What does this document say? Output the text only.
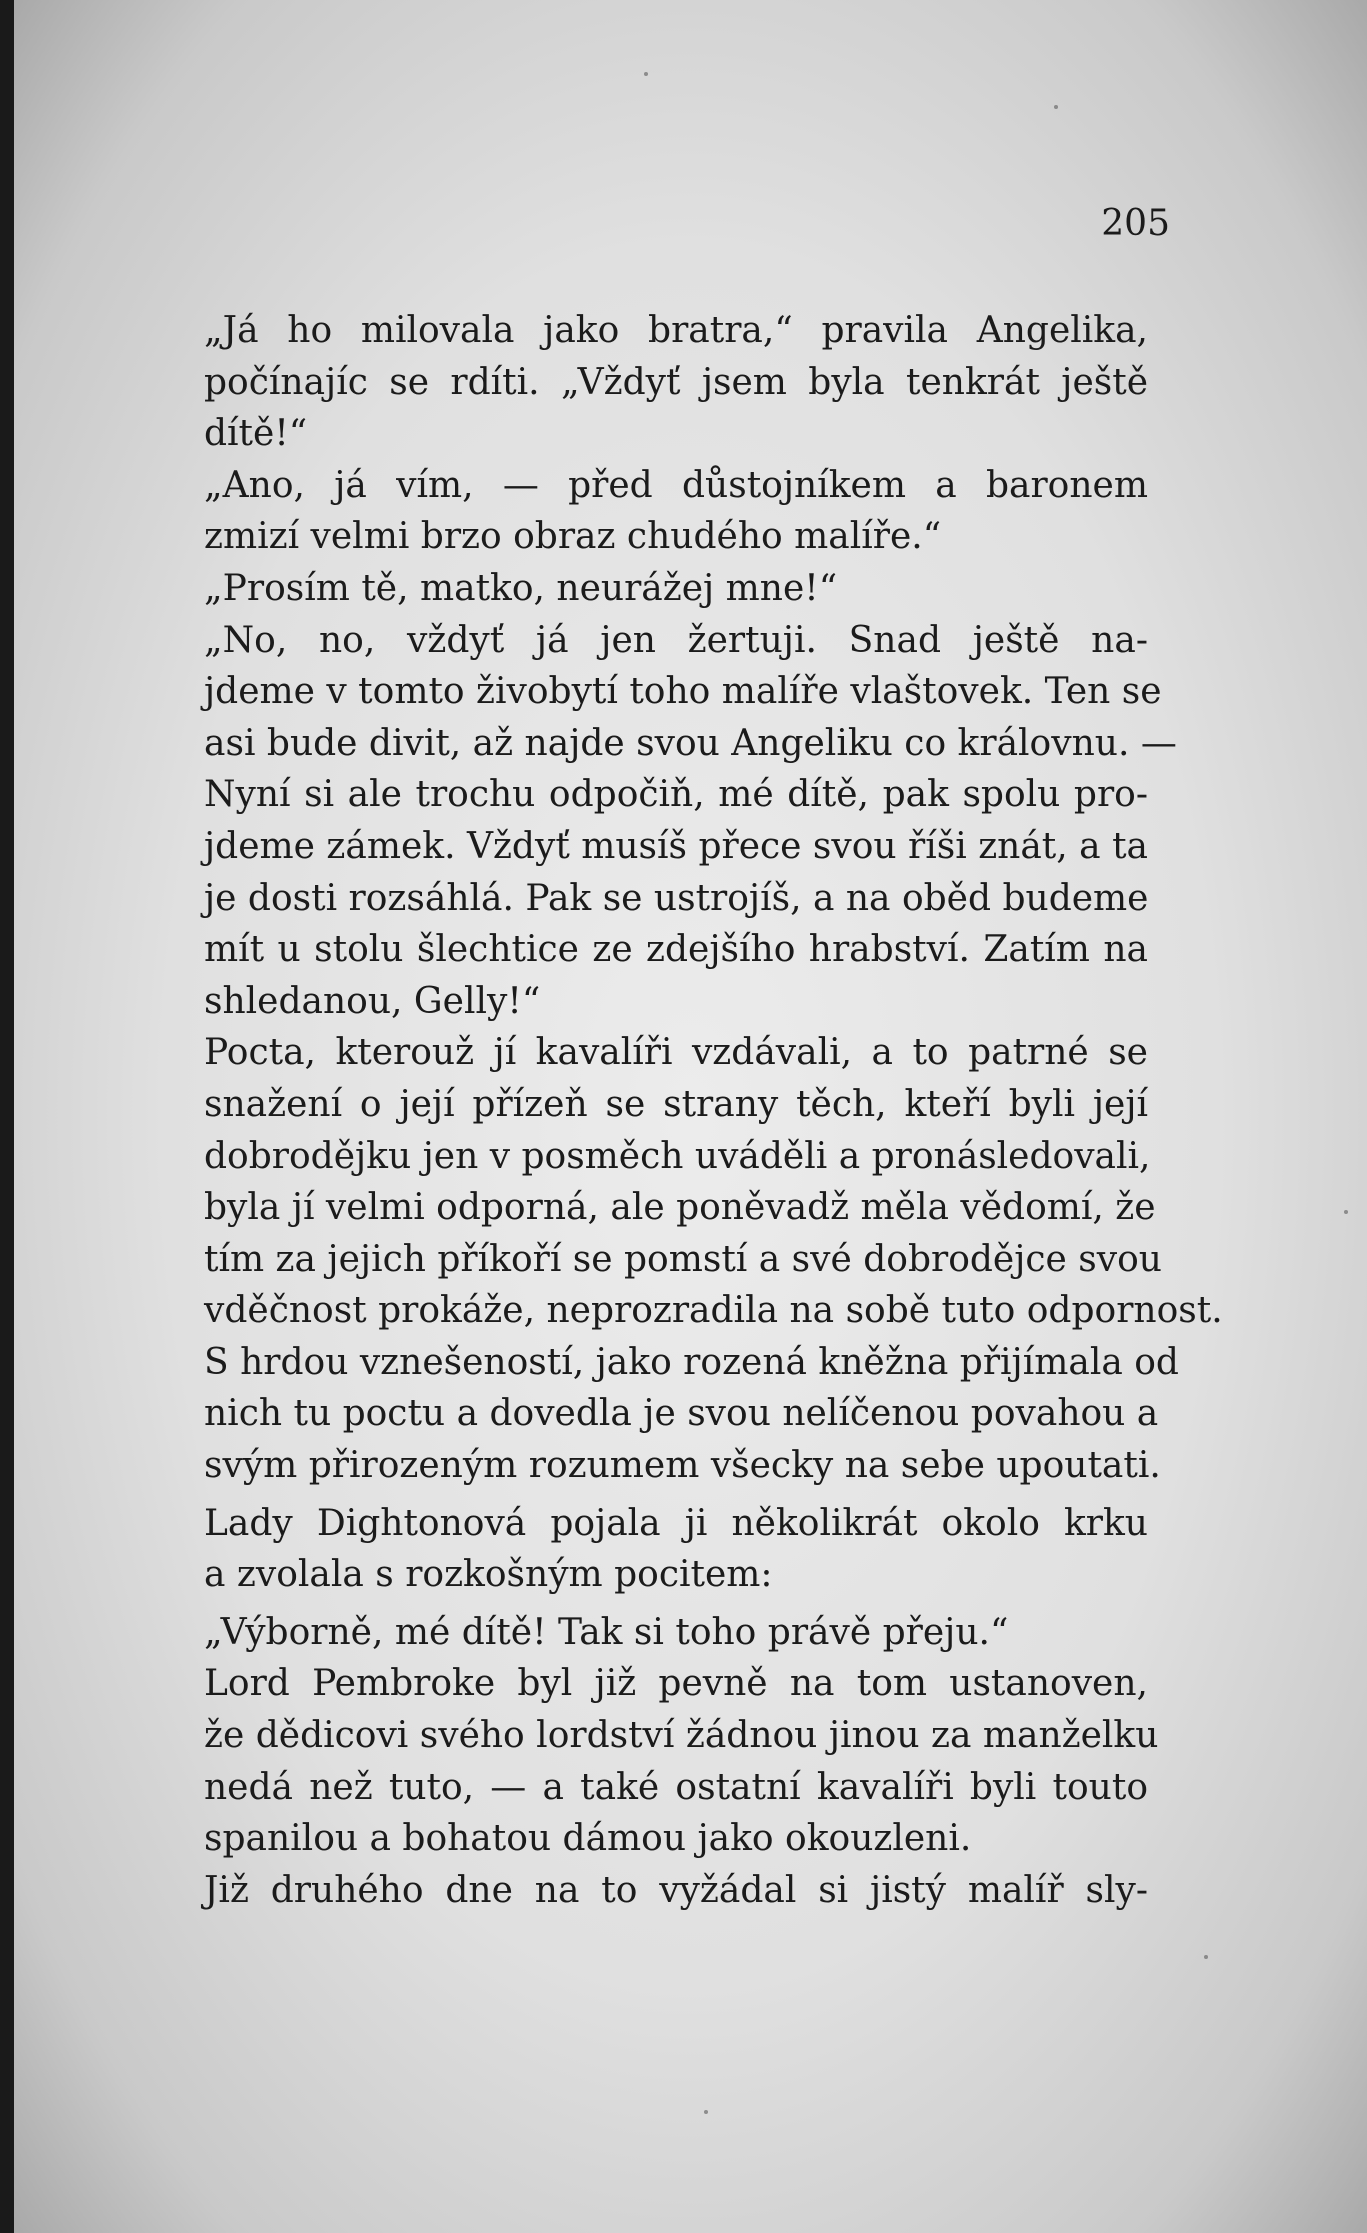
205

„Já ho milovala jako bratra,“ pravila Angelika,
počínajíc se rdíti. „Vždyť jsem byla tenkrát ještě
dítě!“

„Ano, já vím, — před důstojníkem a baronem
zmizí velmi brzo obraz chudého malíře.“

„Prosím tě, matko, neurážej mne!“

„No, no, vždyť já jen žertuji. Snad ještě na-
jdeme v tomto živobytí toho malíře vlaštovek. Ten se
asi bude divit, až najde svou Angeliku co královnu. —
Nyní si ale trochu odpočiň, mé dítě, pak spolu pro-
jdeme zámek. Vždyť musíš přece svou říši znát, a ta
je dosti rozsáhlá. Pak se ustrojíš, a na oběd budeme
mít u stolu šlechtice ze zdejšího hrabství. Zatím na
shledanou, Gelly!“

Pocta, kterouž jí kavalíři vzdávali, a to patrné se
snažení o její přízeň se strany těch, kteří byli její
dobrodějku jen v posměch uváděli a pronásledovali,
byla jí velmi odporná, ale poněvadž měla vědomí, že
tím za jejich příkoří se pomstí a své dobrodějce svou
vděčnost prokáže, neprozradila na sobě tuto odpornost.
S hrdou vznešeností, jako rozená kněžna přijímala od
nich tu poctu a dovedla je svou nelíčenou povahou a
svým přirozeným rozumem všecky na sebe upoutati.

Lady Dightonová pojala ji několikrát okolo krku
a zvolala s rozkošným pocitem:

„Výborně, mé dítě! Tak si toho právě přeju.“

Lord Pembroke byl již pevně na tom ustanoven,
že dědicovi svého lordství žádnou jinou za manželku
nedá než tuto, — a také ostatní kavalíři byli touto
spanilou a bohatou dámou jako okouzleni.

Již druhého dne na to vyžádal si jistý malíř sly-
